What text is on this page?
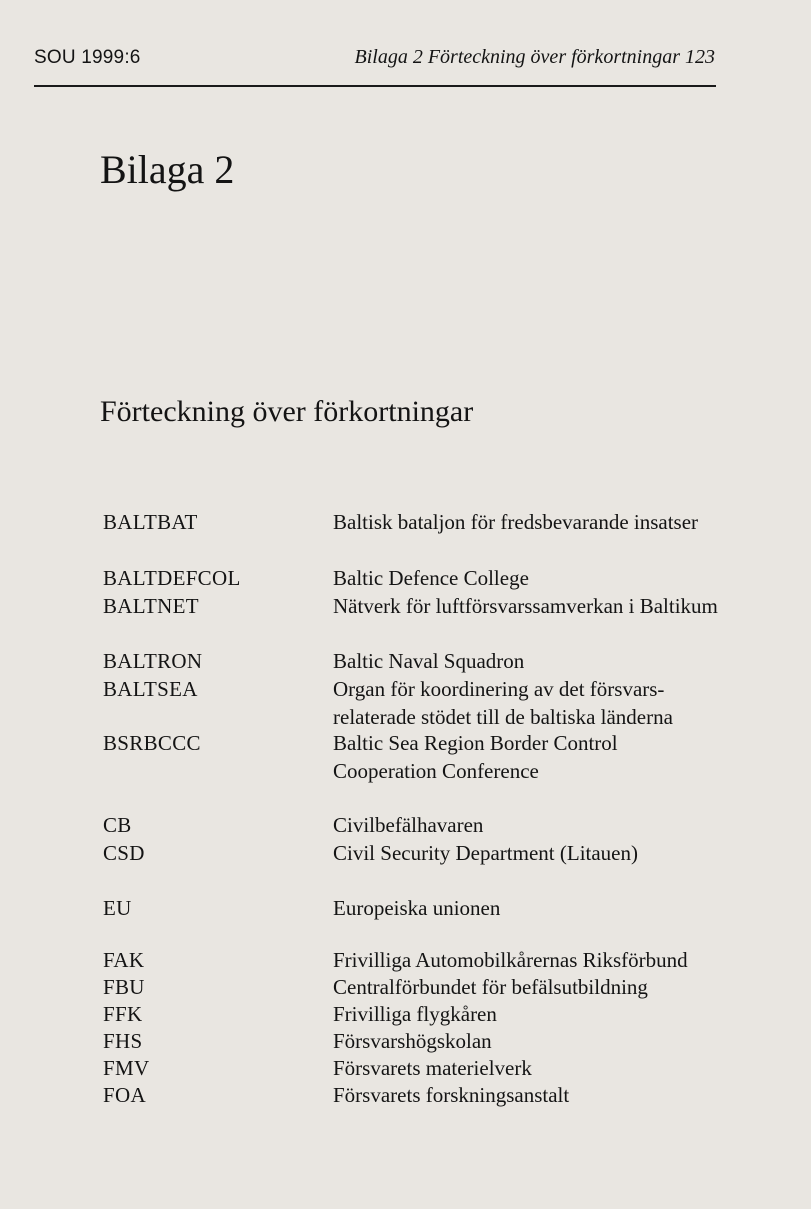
SOU 1999:6	Bilaga 2 Förteckning över förkortningar 123
Bilaga 2
Förteckning över förkortningar
BALTBAT	Baltisk bataljon för fredsbevarande insatser
BALTDEFCOL	Baltic Defence College
BALTNET	Nätverk för luftförsvarssamverkan i Baltikum
BALTRON	Baltic Naval Squadron
BALTSEA	Organ för koordinering av det försvars-relaterade stödet till de baltiska länderna
BSRBCCC	Baltic Sea Region Border Control Cooperation Conference
CB	Civilbefälhavaren
CSD	Civil Security Department (Litauen)
EU	Europeiska unionen
FAK	Frivilliga Automobilkårernas Riksförbund
FBU	Centralförbundet för befälsutbildning
FFK	Frivilliga flygkåren
FHS	Försvarshögskolan
FMV	Försvarets materielverk
FOA	Försvarets forskningsanstalt
